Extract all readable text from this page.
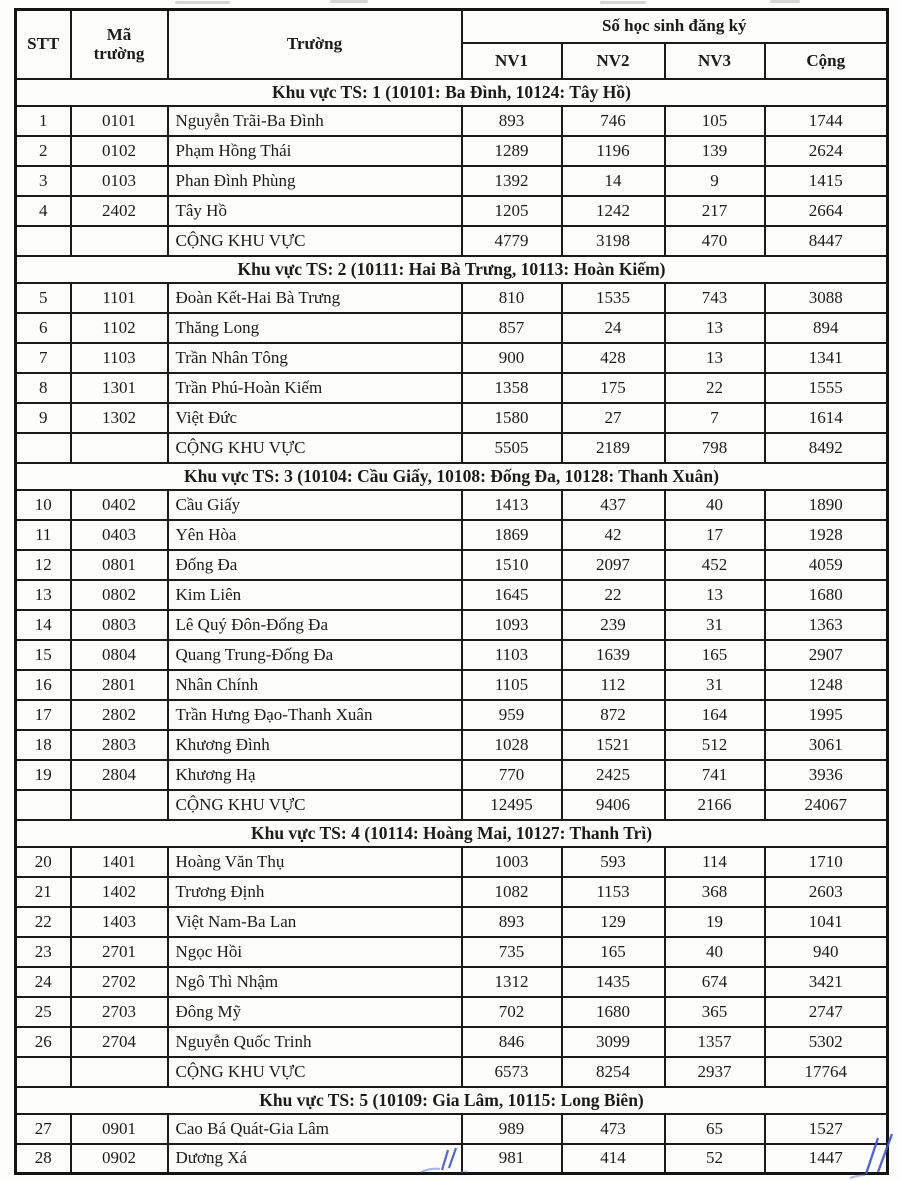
STT	Mã trường	Trường	Số học sinh đăng ký			
			NV1	NV2	NV3	Cộng
Khu vực TS: 1 (10101: Ba Đình, 10124: Tây Hồ)						
1	0101	Nguyễn Trãi-Ba Đình	893	746	105	1744
2	0102	Phạm Hồng Thái	1289	1196	139	2624
3	0103	Phan Đình Phùng	1392	14	9	1415
4	2402	Tây Hồ	1205	1242	217	2664
		CỘNG KHU VỰC	4779	3198	470	8447
Khu vực TS: 2 (10111: Hai Bà Trưng, 10113: Hoàn Kiếm)						
5	1101	Đoàn Kết-Hai Bà Trưng	810	1535	743	3088
6	1102	Thăng Long	857	24	13	894
7	1103	Trần Nhân Tông	900	428	13	1341
8	1301	Trần Phú-Hoàn Kiếm	1358	175	22	1555
9	1302	Việt Đức	1580	27	7	1614
		CỘNG KHU VỰC	5505	2189	798	8492
Khu vực TS: 3 (10104: Cầu Giấy, 10108: Đống Đa, 10128: Thanh Xuân)						
10	0402	Cầu Giấy	1413	437	40	1890
11	0403	Yên Hòa	1869	42	17	1928
12	0801	Đống Đa	1510	2097	452	4059
13	0802	Kim Liên	1645	22	13	1680
14	0803	Lê Quý Đôn-Đống Đa	1093	239	31	1363
15	0804	Quang Trung-Đống Đa	1103	1639	165	2907
16	2801	Nhân Chính	1105	112	31	1248
17	2802	Trần Hưng Đạo-Thanh Xuân	959	872	164	1995
18	2803	Khương Đình	1028	1521	512	3061
19	2804	Khương Hạ	770	2425	741	3936
		CỘNG KHU VỰC	12495	9406	2166	24067
Khu vực TS: 4 (10114: Hoàng Mai, 10127: Thanh Trì)						
20	1401	Hoàng Văn Thụ	1003	593	114	1710
21	1402	Trương Định	1082	1153	368	2603
22	1403	Việt Nam-Ba Lan	893	129	19	1041
23	2701	Ngọc Hồi	735	165	40	940
24	2702	Ngô Thì Nhậm	1312	1435	674	3421
25	2703	Đông Mỹ	702	1680	365	2747
26	2704	Nguyễn Quốc Trinh	846	3099	1357	5302
		CỘNG KHU VỰC	6573	8254	2937	17764
Khu vực TS: 5 (10109: Gia Lâm, 10115: Long Biên)						
27	0901	Cao Bá Quát-Gia Lâm	989	473	65	1527
28	0902	Dương Xá	981	414	52	1447
